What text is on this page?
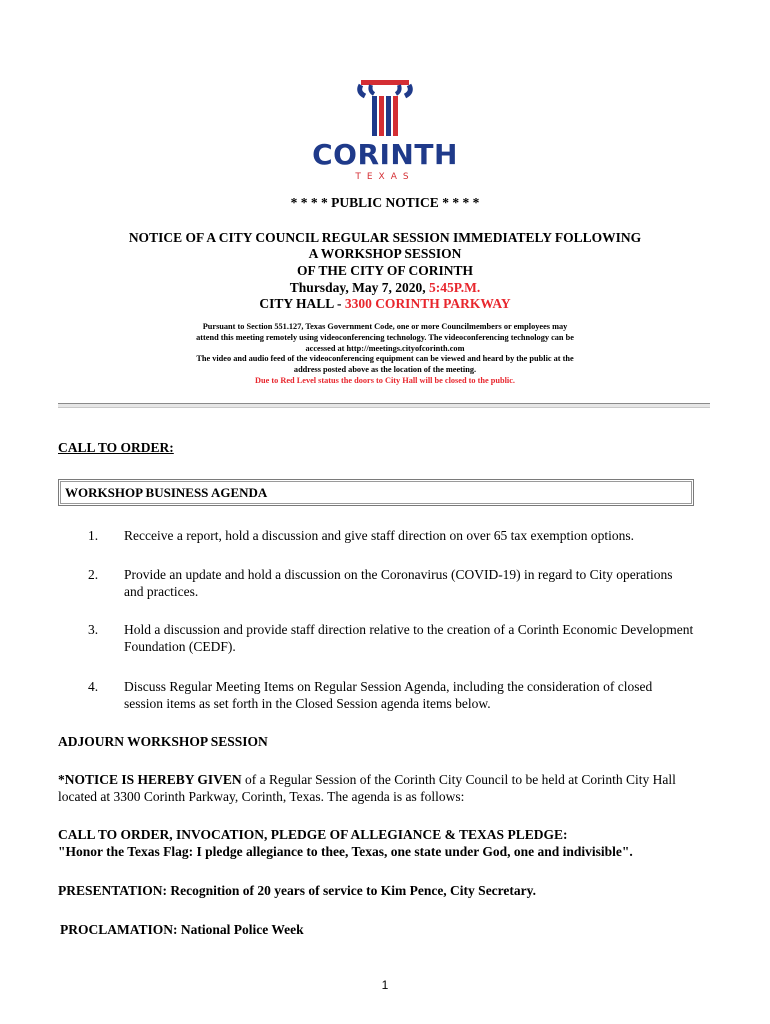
CORINTH
TEXAS
* * * * PUBLIC NOTICE * * * *
NOTICE OF A CITY COUNCIL REGULAR SESSION IMMEDIATELY FOLLOWING
A WORKSHOP SESSION
OF THE CITY OF CORINTH
Thursday, May 7, 2020, 5:45P.M.
CITY HALL - 3300 CORINTH PARKWAY
Pursuant to Section 551.127, Texas Government Code, one or more Councilmembers or employees may
attend this meeting remotely using videoconferencing technology. The videoconferencing technology can be
accessed at http://meetings.cityofcorinth.com
The video and audio feed of the videoconferencing equipment can be viewed and heard by the public at the
address posted above as the location of the meeting.
Due to Red Level status the doors to City Hall will be closed to the public.
CALL TO ORDER:
WORKSHOP BUSINESS AGENDA
1. Recceive a report, hold a discussion and give staff direction on over 65 tax exemption options.
2. Provide an update and hold a discussion on the Coronavirus (COVID-19) in regard to City operations
and practices.
3. Hold a discussion and provide staff direction relative to the creation of a Corinth Economic Development
Foundation (CEDF).
4. Discuss Regular Meeting Items on Regular Session Agenda, including the consideration of closed
session items as set forth in the Closed Session agenda items below.
ADJOURN WORKSHOP SESSION
*NOTICE IS HEREBY GIVEN of a Regular Session of the Corinth City Council to be held at Corinth City Hall
located at 3300 Corinth Parkway, Corinth, Texas. The agenda is as follows:
CALL TO ORDER, INVOCATION, PLEDGE OF ALLEGIANCE & TEXAS PLEDGE:
"Honor the Texas Flag: I pledge allegiance to thee, Texas, one state under God, one and indivisible".
PRESENTATION: Recognition of 20 years of service to Kim Pence, City Secretary.
PROCLAMATION: National Police Week
1
